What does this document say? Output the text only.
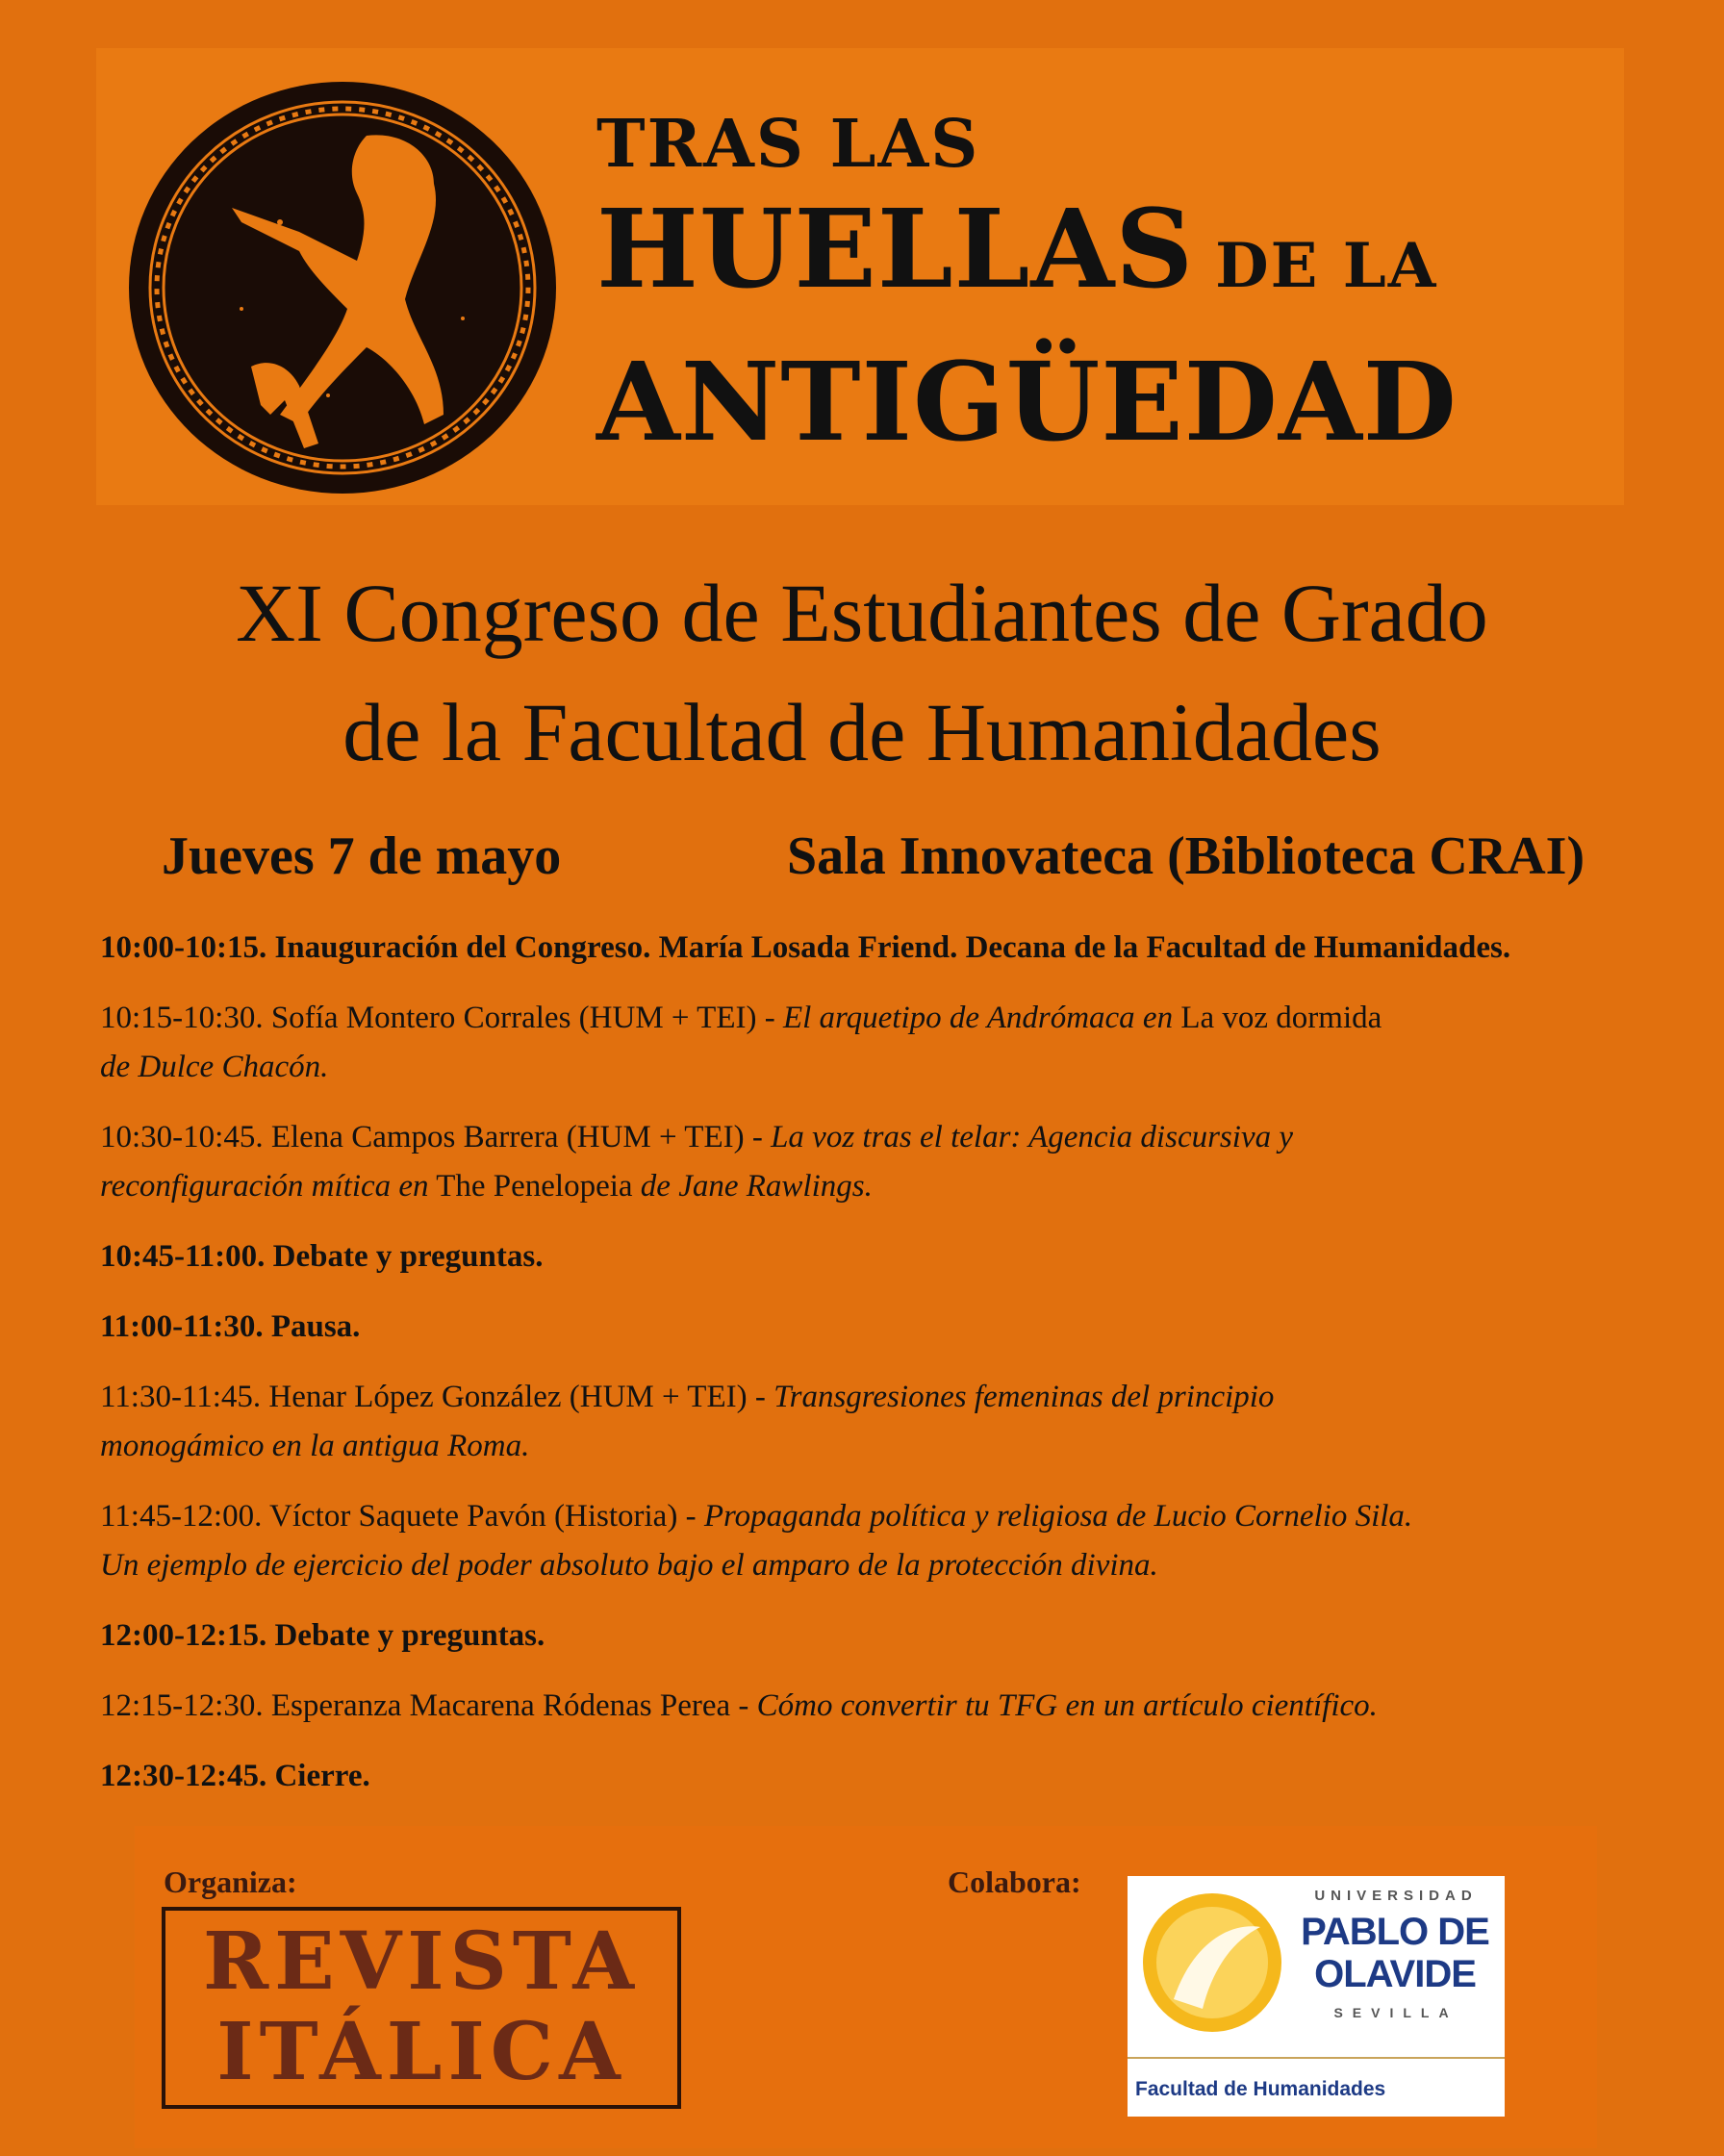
TRAS LAS

HUELLAS DE LA

ANTIGÜEDAD

XI Congreso de Estudiantes de Grado
de la Facultad de Humanidades
Jueves 7 de mayo	Sala Innovateca (Biblioteca CRAI)

10:00-10:15. Inauguración del Congreso. María Losada Friend. Decana de la Facultad de Humanidades.

10:15-10:30. Sofía Montero Corrales (HUM + TEI) - El arquetipo de Andrómaca en La voz dormida
de Dulce Chacón.

10:30-10:45. Elena Campos Barrera (HUM + TEI) - La voz tras el telar: Agencia discursiva y
reconfiguración mítica en The Penelopeia de Jane Rawlings.

10:45-11:00. Debate y preguntas.

11:00-11:30. Pausa.

11:30-11:45. Henar López González (HUM + TEI) - Transgresiones femeninas del principio
monogámico en la antigua Roma.

11:45-12:00. Víctor Saquete Pavón (Historia) - Propaganda política y religiosa de Lucio Cornelio Sila.
Un ejemplo de ejercicio del poder absoluto bajo el amparo de la protección divina.

12:00-12:15. Debate y preguntas.

12:15-12:30. Esperanza Macarena Ródenas Perea - Cómo convertir tu TFG en un artículo científico.

12:30-12:45. Cierre.

Organiza:
REVISTA
ITÁLICA
Colabora:	UNIVERSIDAD
PABLO DE
OLAVIDE
SEVILLA
Facultad de Humanidades
